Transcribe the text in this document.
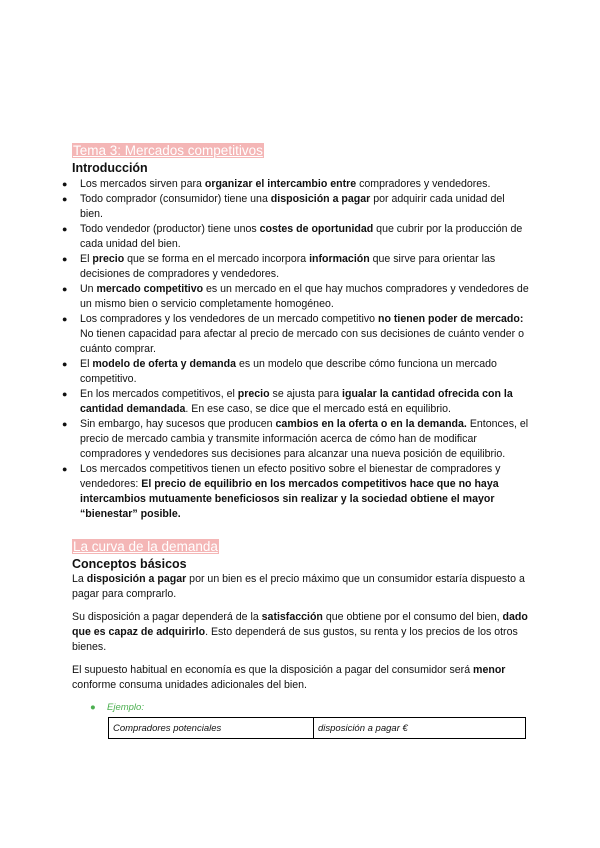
Tema 3: Mercados competitivos
Introducción
● Los mercados sirven para organizar el intercambio entre compradores y vendedores.
● Todo comprador (consumidor) tiene una disposición a pagar por adquirir cada unidad del bien.
● Todo vendedor (productor) tiene unos costes de oportunidad que cubrir por la producción de cada unidad del bien.
● El precio que se forma en el mercado incorpora información que sirve para orientar las decisiones de compradores y vendedores.
● Un mercado competitivo es un mercado en el que hay muchos compradores y vendedores de un mismo bien o servicio completamente homogéneo.
● Los compradores y los vendedores de un mercado competitivo no tienen poder de mercado: No tienen capacidad para afectar al precio de mercado con sus decisiones de cuánto vender o cuánto comprar.
● El modelo de oferta y demanda es un modelo que describe cómo funciona un mercado competitivo.
● En los mercados competitivos, el precio se ajusta para igualar la cantidad ofrecida con la cantidad demandada. En ese caso, se dice que el mercado está en equilibrio.
● Sin embargo, hay sucesos que producen cambios en la oferta o en la demanda. Entonces, el precio de mercado cambia y transmite información acerca de cómo han de modificar compradores y vendedores sus decisiones para alcanzar una nueva posición de equilibrio.
● Los mercados competitivos tienen un efecto positivo sobre el bienestar de compradores y vendedores: El precio de equilibrio en los mercados competitivos hace que no haya intercambios mutuamente beneficiosos sin realizar y la sociedad obtiene el mayor “bienestar” posible.
La curva de la demanda
Conceptos básicos

La disposición a pagar por un bien es el precio máximo que un consumidor estaría dispuesto a pagar para comprarlo.

Su disposición a pagar dependerá de la satisfacción que obtiene por el consumo del bien, dado que es capaz de adquirirlo. Esto dependerá de sus gustos, su renta y los precios de los otros bienes.

El supuesto habitual en economía es que la disposición a pagar del consumidor será menor conforme consuma unidades adicionales del bien.

● Ejemplo:
Compradores potenciales	disposición a pagar €
